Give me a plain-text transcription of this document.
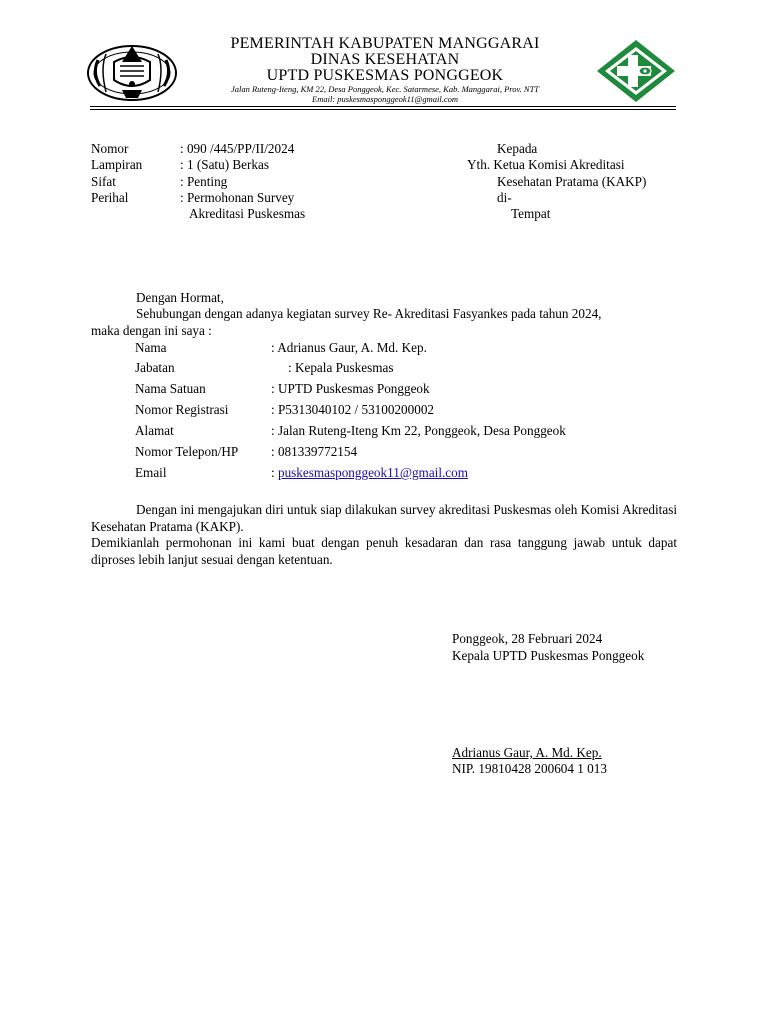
PEMERINTAH KABUPATEN MANGGARAI
DINAS KESEHATAN
UPTD PUSKESMAS PONGGEOK
Jalan Ruteng-Iteng, KM 22, Desa Ponggeok, Kec. Satarmese, Kab. Manggarai, Prov. NTT
Email: puskesmasponggeok11@gmail.com
Nomor	: 090 /445/PP/II/2024
Lampiran	: 1 (Satu) Berkas
Sifat	: Penting
Perihal	: Permohonan Survey
Akreditasi Puskesmas
Kepada
Yth. Ketua Komisi Akreditasi
Kesehatan Pratama (KAKP)
di-
Tempat
Dengan Hormat,
Sehubungan dengan adanya kegiatan survey Re- Akreditasi Fasyankes pada tahun 2024,
maka dengan ini saya :
Nama	: Adrianus Gaur, A. Md. Kep.
Jabatan	: Kepala Puskesmas
Nama Satuan	: UPTD Puskesmas Ponggeok
Nomor Registrasi	: P5313040102 / 53100200002
Alamat	: Jalan Ruteng-Iteng Km 22, Ponggeok, Desa Ponggeok
Nomor Telepon/HP : 081339772154
Email	: puskesmasponggeok11@gmail.com
Dengan ini mengajukan diri untuk siap dilakukan survey akreditasi Puskesmas oleh Komisi Akreditasi Kesehatan Pratama (KAKP).
Demikianlah permohonan ini kami buat dengan penuh kesadaran dan rasa tanggung jawab untuk dapat diproses lebih lanjut sesuai dengan ketentuan.
Ponggeok, 28 Februari 2024
Kepala UPTD Puskesmas Ponggeok
Adrianus Gaur, A. Md. Kep.
NIP. 19810428 200604 1 013
